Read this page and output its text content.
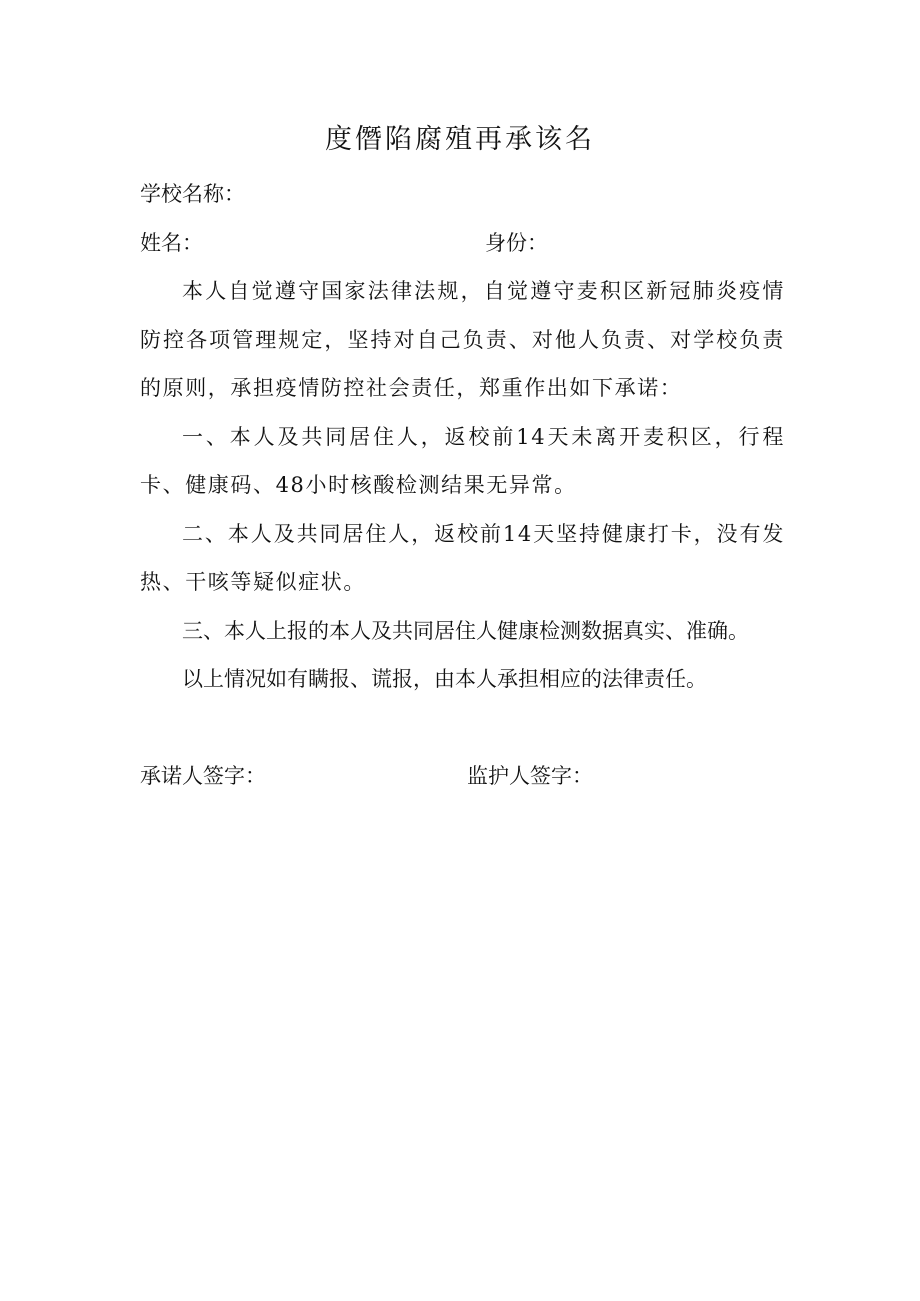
度僭陷腐殖再承该名
学校名称：
姓名：	身份：

本人自觉遵守国家法律法规，自觉遵守麦积区新冠肺炎疫情防控各项管理规定，坚持对自己负责、对他人负责、对学校负责的原则，承担疫情防控社会责任，郑重作出如下承诺：

一、本人及共同居住人，返校前14天未离开麦积区，行程卡、健康码、48小时核酸检测结果无异常。

二、本人及共同居住人，返校前14天坚持健康打卡，没有发热、干咳等疑似症状。

三、本人上报的本人及共同居住人健康检测数据真实、准确。

以上情况如有瞒报、谎报，由本人承担相应的法律责任。

承诺人签字：	监护人签字：
